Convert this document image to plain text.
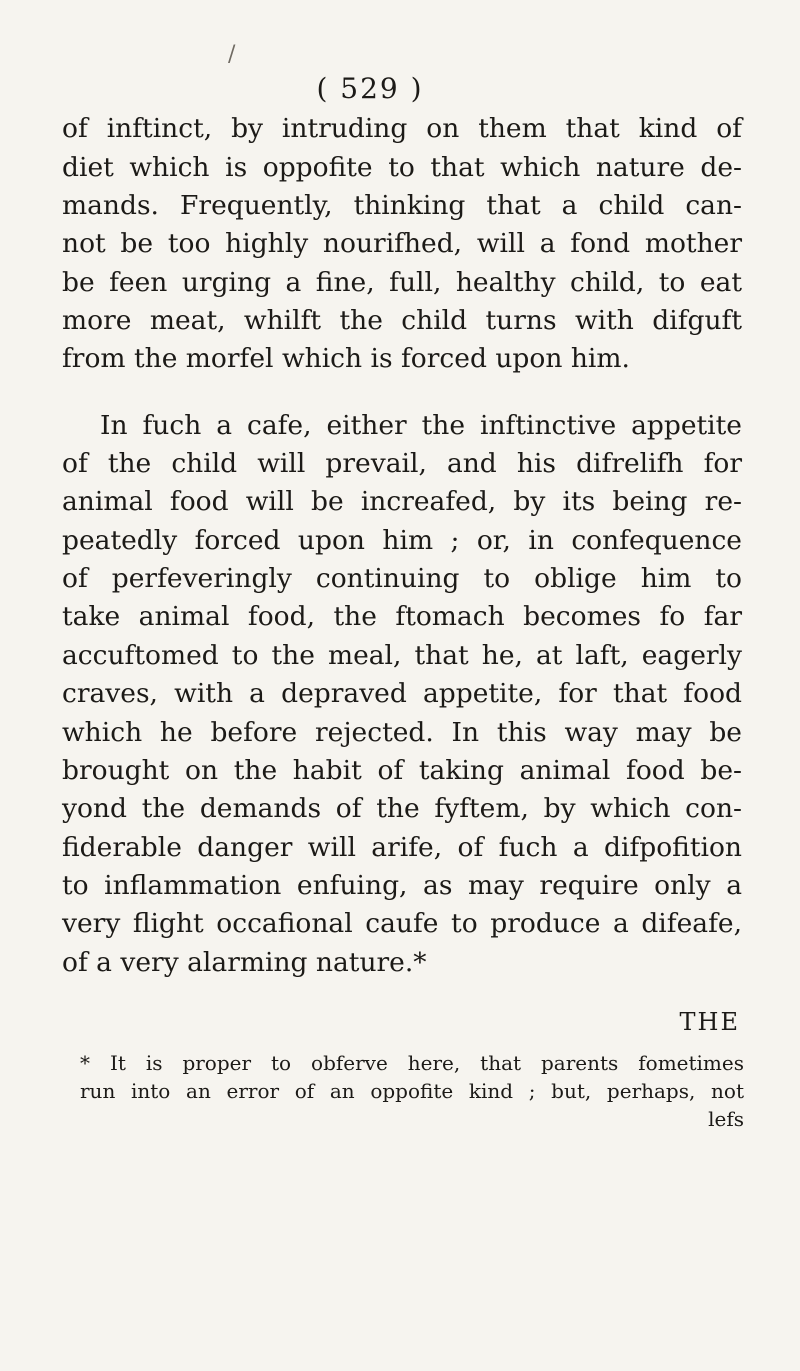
/
( 529 )
of inftinct, by intruding on them that kind of
diet which is oppofite to that which nature de-
mands. Frequently, thinking that a child can-
not be too highly nourifhed, will a fond mother
be feen urging a fine, full, healthy child, to eat
more meat, whilft the child turns with difguft
from the morfel which is forced upon him.
In fuch a cafe, either the inftinctive appetite
of the child will prevail, and his difrelifh for
animal food will be increafed, by its being re-
peatedly forced upon him ; or, in confequence
of perfeveringly continuing to oblige him to
take animal food, the ftomach becomes fo far
accuftomed to the meal, that he, at laft, eagerly
craves, with a depraved appetite, for that food
which he before rejected. In this way may be
brought on the habit of taking animal food be-
yond the demands of the fyftem, by which con-
fiderable danger will arife, of fuch a difpofition
to inflammation enfuing, as may require only a
very flight occafional caufe to produce a difeafe,
of a very alarming nature.*
THE
* It is proper to obferve here, that parents fometimes
run into an error of an oppofite kind ; but, perhaps, not
lefs
